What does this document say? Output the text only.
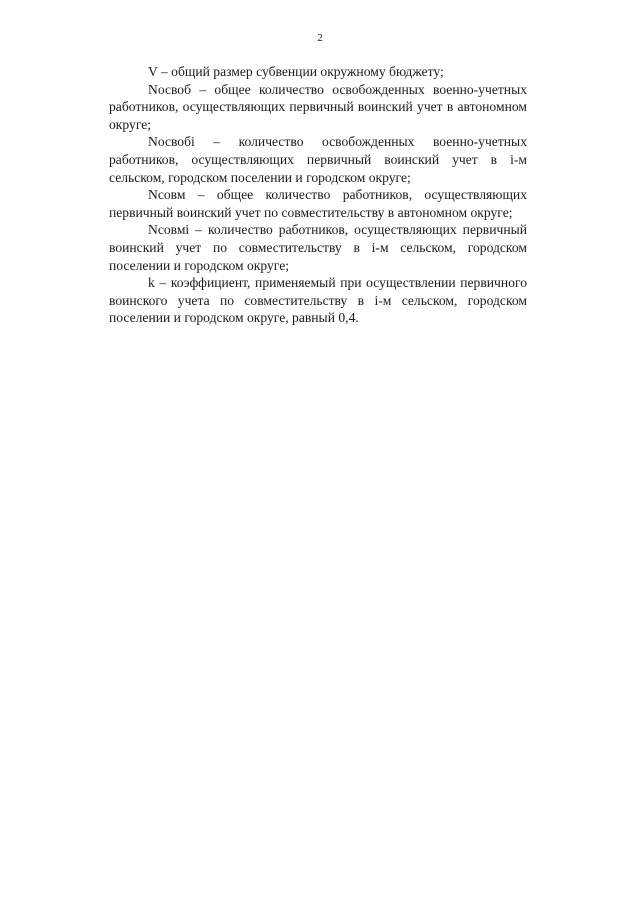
2

V – общий размер субвенции окружному бюджету;

Nосвоб – общее количество освобожденных военно-учетных работников, осуществляющих первичный воинский учет в автономном округе;

Nосвобi – количество освобожденных военно-учетных работников, осуществляющих первичный воинский учет в i-м сельском, городском поселении и городском округе;

Nсовм – общее количество работников, осуществляющих первичный воинский учет по совместительству в автономном округе;

Nсовмi – количество работников, осуществляющих первичный воинский учет по совместительству в i-м сельском, городском поселении и городском округе;

k – коэффициент, применяемый при осуществлении первичного воинского учета по совместительству в i-м сельском, городском поселении и городском округе, равный 0,4.
